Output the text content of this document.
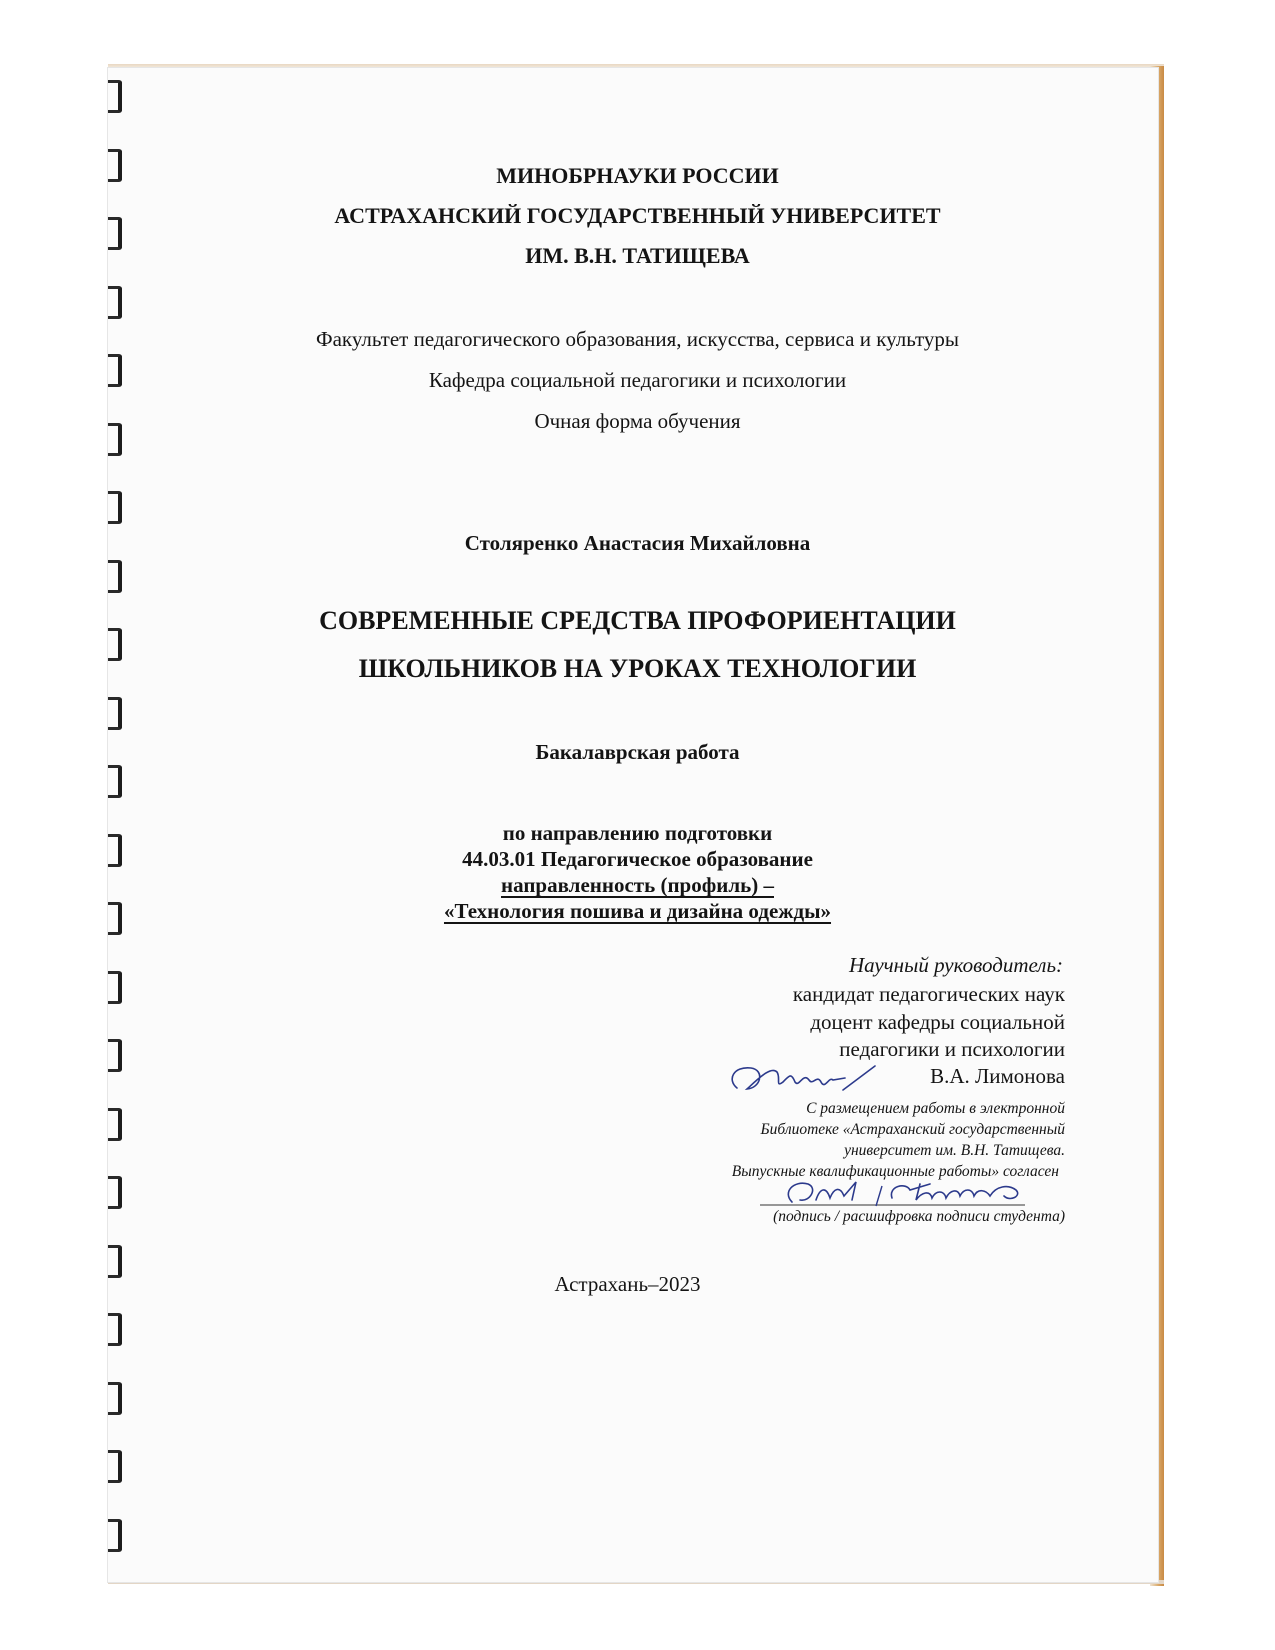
МИНОБРНАУКИ РОССИИ
АСТРАХАНСКИЙ ГОСУДАРСТВЕННЫЙ УНИВЕРСИТЕТ
ИМ. В.Н. ТАТИЩЕВА
Факультет педагогического образования, искусства, сервиса и культуры
Кафедра социальной педагогики и психологии
Очная форма обучения
Столяренко Анастасия Михайловна
СОВРЕМЕННЫЕ СРЕДСТВА ПРОФОРИЕНТАЦИИ
ШКОЛЬНИКОВ НА УРОКАХ ТЕХНОЛОГИИ
Бакалаврская работа
по направлению подготовки
44.03.01 Педагогическое образование
направленность (профиль) –
«Технология пошива и дизайна одежды»
Научный руководитель:
кандидат педагогических наук
доцент кафедры социальной
педагогики и психологии
В.А. Лимонова
С размещением работы в электронной
Библиотеке «Астраханский государственный
университет им. В.Н. Татищева.
Выпускные квалификационные работы» согласен
(подпись / расшифровка подписи студента)
Астрахань–2023
